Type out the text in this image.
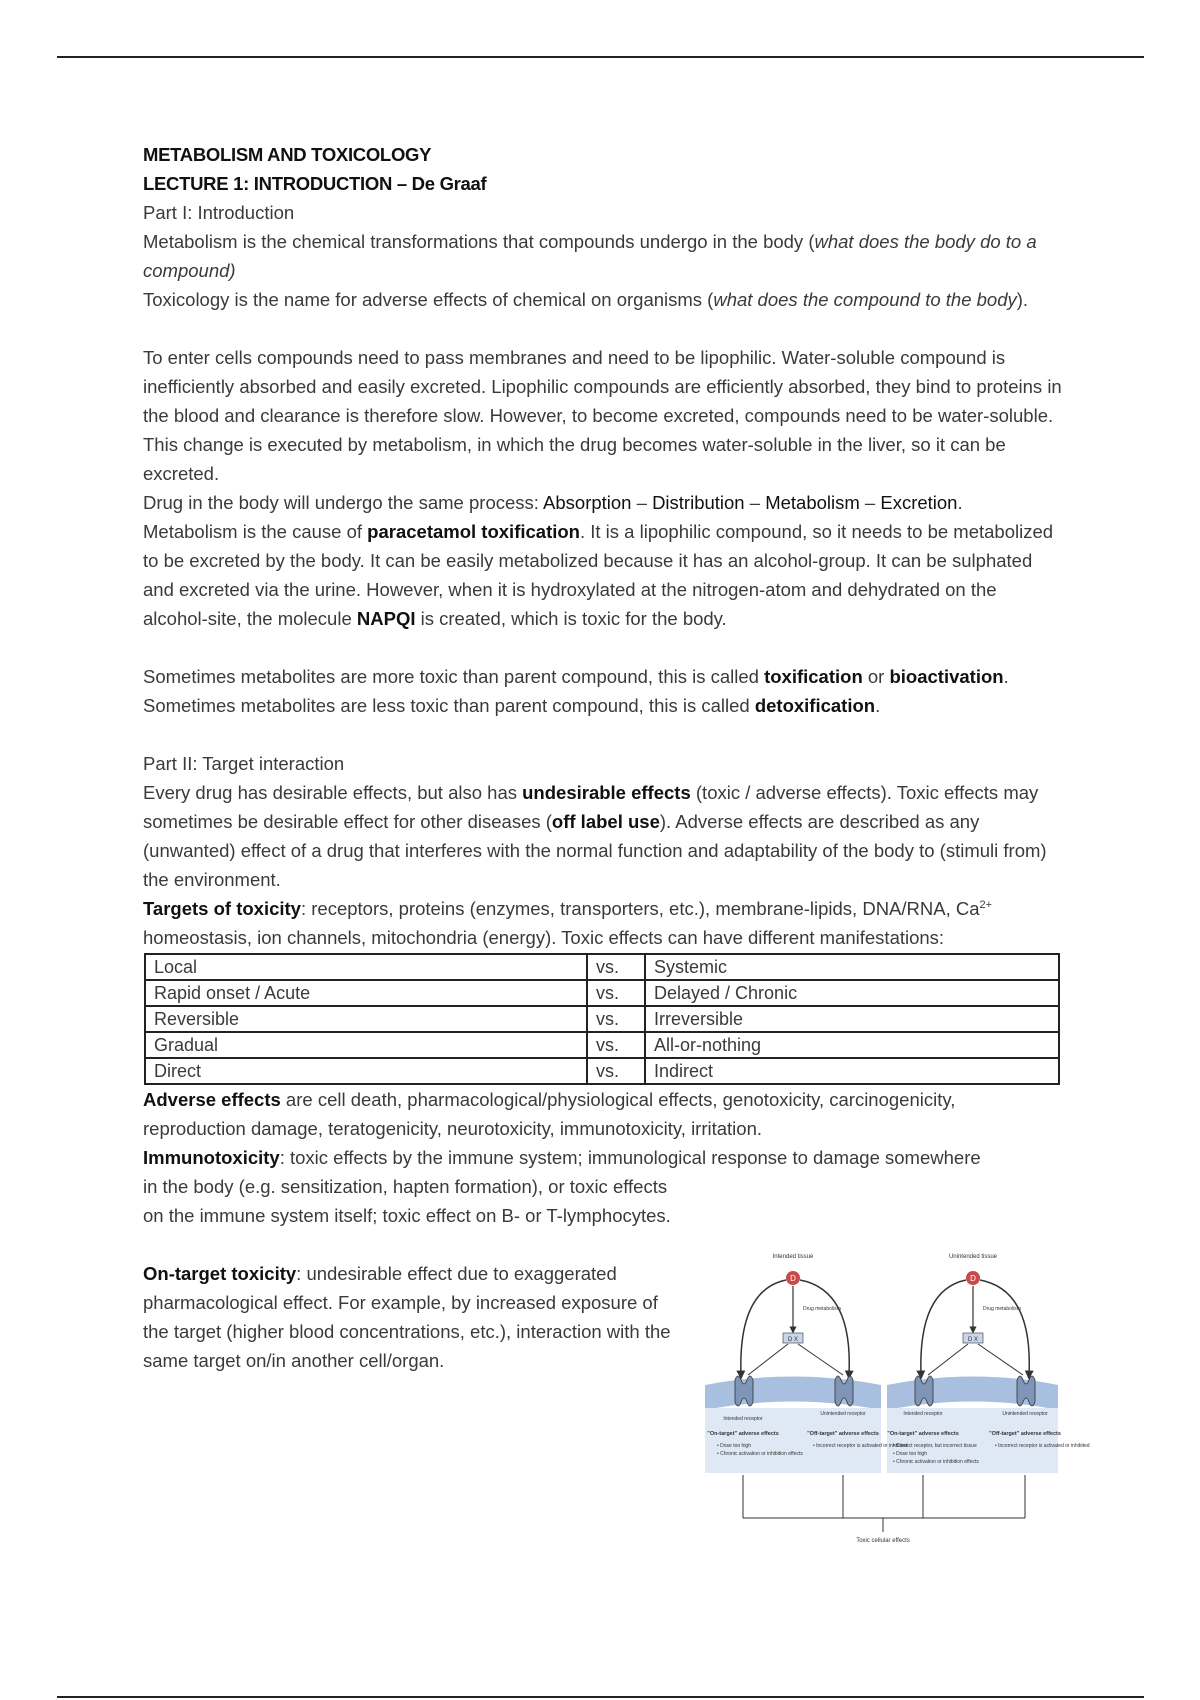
METABOLISM AND TOXICOLOGY

LECTURE 1: INTRODUCTION – De Graaf

Part I: Introduction

Metabolism is the chemical transformations that compounds undergo in the body (what does the body do to a compound)

Toxicology is the name for adverse effects of chemical on organisms (what does the compound to the body).

To enter cells compounds need to pass membranes and need to be lipophilic. Water-soluble compound is inefficiently absorbed and easily excreted. Lipophilic compounds are efficiently absorbed, they bind to proteins in the blood and clearance is therefore slow. However, to become excreted, compounds need to be water-soluble. This change is executed by metabolism, in which the drug becomes water-soluble in the liver, so it can be excreted.

Drug in the body will undergo the same process: Absorption – Distribution – Metabolism – Excretion.

Metabolism is the cause of paracetamol toxification. It is a lipophilic compound, so it needs to be metabolized to be excreted by the body. It can be easily metabolized because it has an alcohol-group. It can be sulphated and excreted via the urine. However, when it is hydroxylated at the nitrogen-atom and dehydrated on the alcohol-site, the molecule NAPQI is created, which is toxic for the body.

Sometimes metabolites are more toxic than parent compound, this is called toxification or bioactivation. Sometimes metabolites are less toxic than parent compound, this is called detoxification.

Part II: Target interaction

Every drug has desirable effects, but also has undesirable effects (toxic / adverse effects). Toxic effects may sometimes be desirable effect for other diseases (off label use). Adverse effects are described as any (unwanted) effect of a drug that interferes with the normal function and adaptability of the body to (stimuli from) the environment.

Targets of toxicity: receptors, proteins (enzymes, transporters, etc.), membrane-lipids, DNA/RNA, $Ca^{2+}$ homeostasis, ion channels, mitochondria (energy). Toxic effects can have different manifestations:

Local	vs.	Systemic
Rapid onset / Acute	vs.	Delayed / Chronic
Reversible	vs.	Irreversible
Gradual	vs.	All-or-nothing
Direct	vs.	Indirect

Adverse effects are cell death, pharmacological/physiological effects, genotoxicity, carcinogenicity, reproduction damage, teratogenicity, neurotoxicity, immunotoxicity, irritation.

Immunotoxicity: toxic effects by the immune system; immunological response to damage somewhere

in the body (e.g. sensitization, hapten formation), or toxic effects on the immune system itself; toxic effect on B- or T-lymphocytes.

On-target toxicity: undesirable effect due to exaggerated pharmacological effect. For example, by increased exposure of the target (higher blood concentrations, etc.), interaction with the same target on/in another cell/organ.

Intended tissue
D
Drug metabolism
D X
Intended receptor
Unintended receptor
"On-target" adverse effects	"Off-target" adverse effects
• Dose too high
• Chronic activation or inhibition effects
• Incorrect receptor is activated or inhibited
Unintended tissue
D
Drug metabolism
D X
Intended receptor	Unintended receptor
"On-target" adverse effects	"Off-target" adverse effects
• Correct receptor, but incorrect tissue
• Dose too high
• Chronic activation or inhibition effects
• Incorrect receptor is activated or inhibited
Toxic cellular effects
